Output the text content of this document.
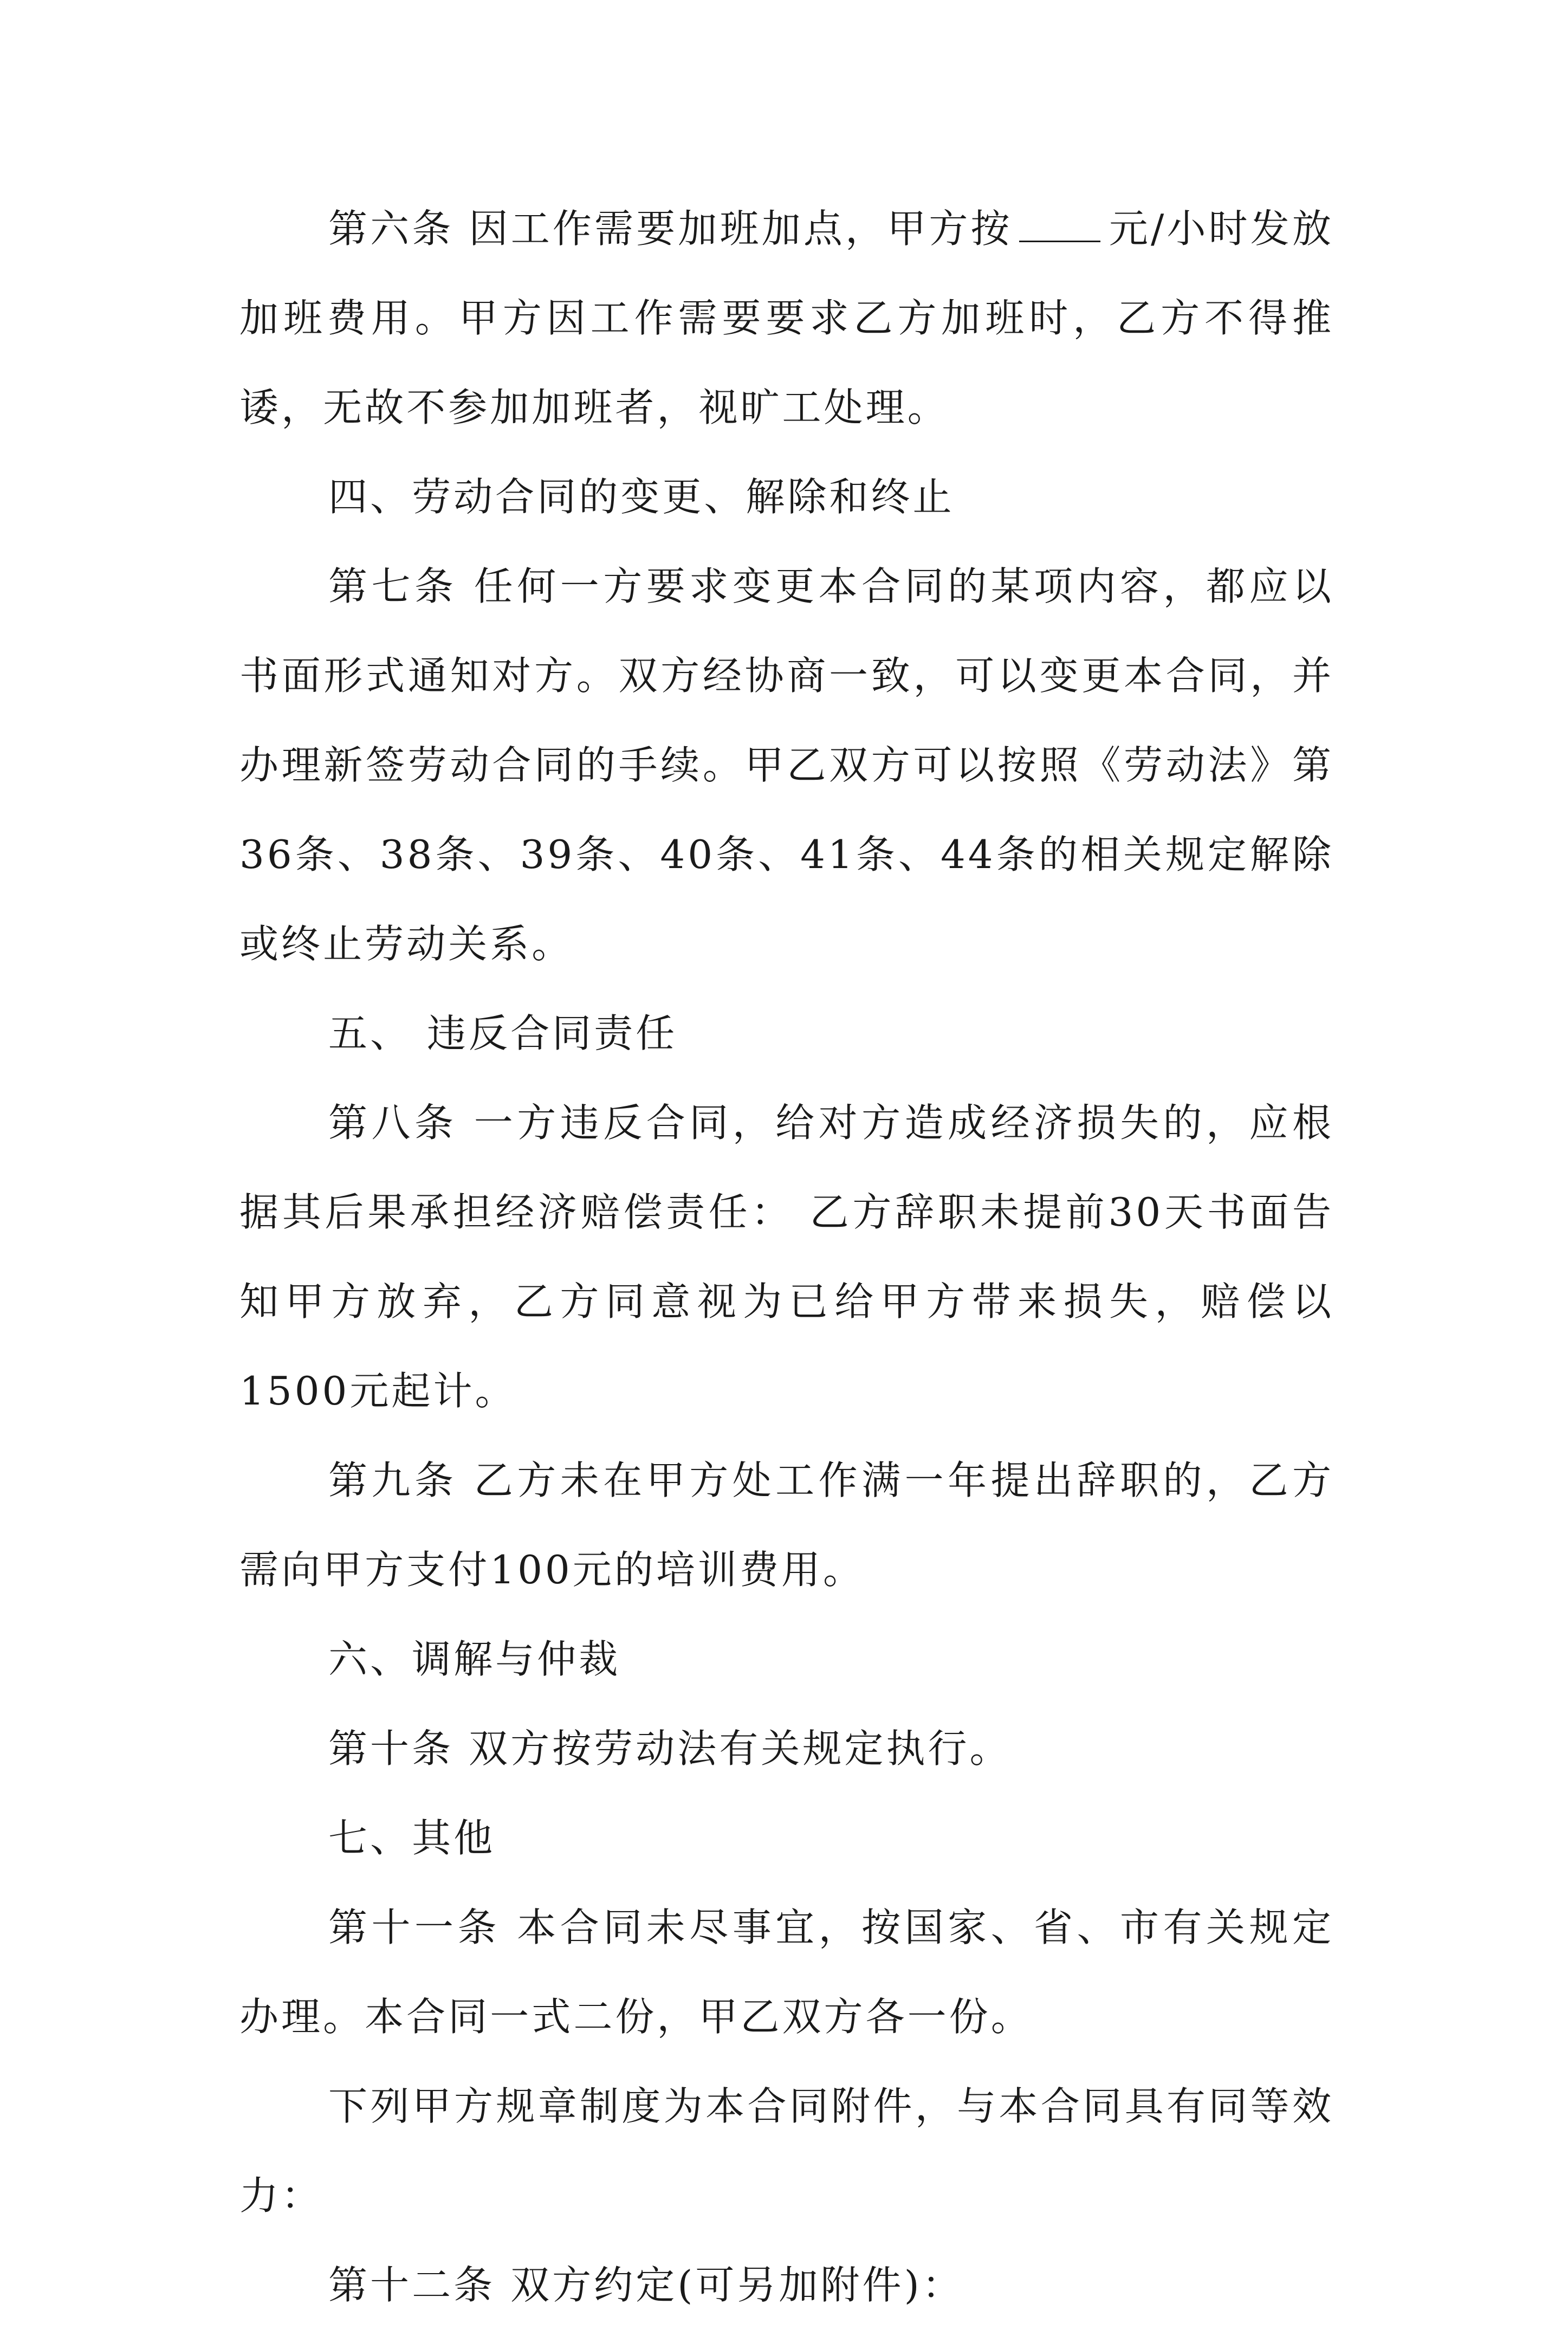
第六条 因工作需要加班加点，甲方按 元/小时发放加班费用。甲方因工作需要要求乙方加班时，乙方不得推诿，无故不参加加班者，视旷工处理。

四、劳动合同的变更、解除和终止

第七条 任何一方要求变更本合同的某项内容，都应以书面形式通知对方。双方经协商一致，可以变更本合同，并办理新签劳动合同的手续。甲乙双方可以按照《劳动法》第36条、38条、39条、40条、41条、44条的相关规定解除或终止劳动关系。

五、 违反合同责任

第八条 一方违反合同，给对方造成经济损失的，应根据其后果承担经济赔偿责任： 乙方辞职未提前30天书面告知甲方放弃，乙方同意视为已给甲方带来损失，赔偿以1500元起计。

第九条 乙方未在甲方处工作满一年提出辞职的，乙方需向甲方支付100元的培训费用。

六、调解与仲裁

第十条 双方按劳动法有关规定执行。

七、其他

第十一条 本合同未尽事宜，按国家、省、市有关规定办理。本合同一式二份，甲乙双方各一份。

下列甲方规章制度为本合同附件，与本合同具有同等效力：

第十二条 双方约定(可另加附件)：
